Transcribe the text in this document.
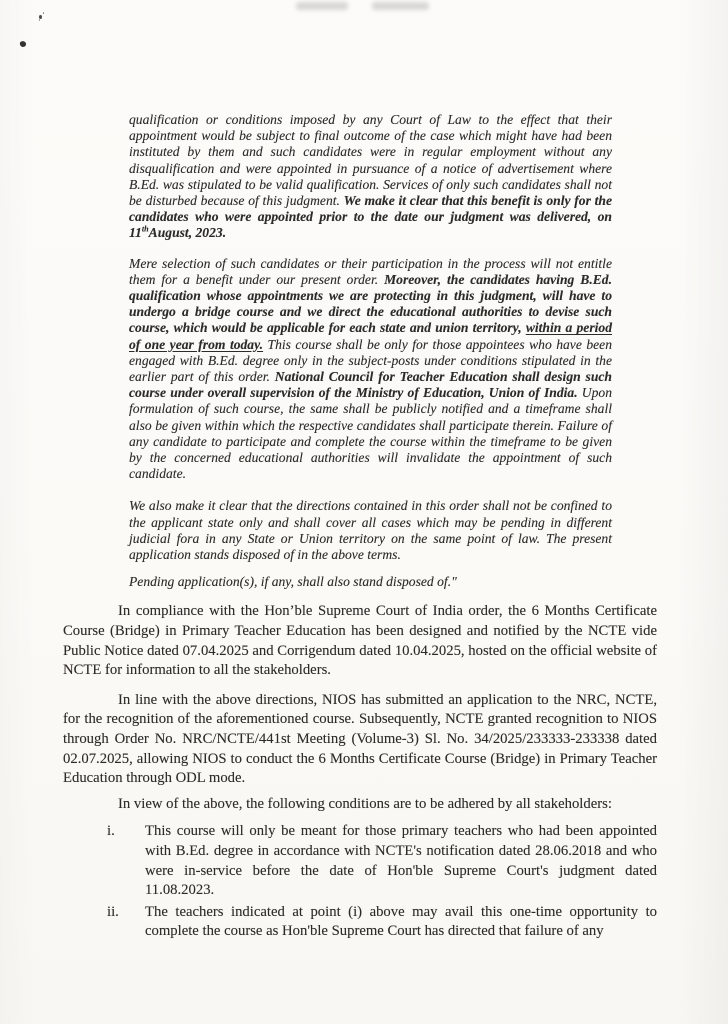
qualification or conditions imposed by any Court of Law to the effect that their appointment would be subject to final outcome of the case which might have had been instituted by them and such candidates were in regular employment without any disqualification and were appointed in pursuance of a notice of advertisement where B.Ed. was stipulated to be valid qualification. Services of only such candidates shall not be disturbed because of this judgment. We make it clear that this benefit is only for the candidates who were appointed prior to the date our judgment was delivered, on 11thAugust, 2023.

Mere selection of such candidates or their participation in the process will not entitle them for a benefit under our present order. Moreover, the candidates having B.Ed. qualification whose appointments we are protecting in this judgment, will have to undergo a bridge course and we direct the educational authorities to devise such course, which would be applicable for each state and union territory, within a period of one year from today. This course shall be only for those appointees who have been engaged with B.Ed. degree only in the subject-posts under conditions stipulated in the earlier part of this order. National Council for Teacher Education shall design such course under overall supervision of the Ministry of Education, Union of India. Upon formulation of such course, the same shall be publicly notified and a timeframe shall also be given within which the respective candidates shall participate therein. Failure of any candidate to participate and complete the course within the timeframe to be given by the concerned educational authorities will invalidate the appointment of such candidate.

We also make it clear that the directions contained in this order shall not be confined to the applicant state only and shall cover all cases which may be pending in different judicial fora in any State or Union territory on the same point of law. The present application stands disposed of in the above terms.

Pending application(s), if any, shall also stand disposed of."

In compliance with the Hon’ble Supreme Court of India order, the 6 Months Certificate Course (Bridge) in Primary Teacher Education has been designed and notified by the NCTE vide Public Notice dated 07.04.2025 and Corrigendum dated 10.04.2025, hosted on the official website of NCTE for information to all the stakeholders.

In line with the above directions, NIOS has submitted an application to the NRC, NCTE, for the recognition of the aforementioned course. Subsequently, NCTE granted recognition to NIOS through Order No. NRC/NCTE/441st Meeting (Volume-3) Sl. No. 34/2025/233333-233338 dated 02.07.2025, allowing NIOS to conduct the 6 Months Certificate Course (Bridge) in Primary Teacher Education through ODL mode.

In view of the above, the following conditions are to be adhered by all stakeholders:

i.	This course will only be meant for those primary teachers who had been appointed with B.Ed. degree in accordance with NCTE's notification dated 28.06.2018 and who were in-service before the date of Hon'ble Supreme Court's judgment dated 11.08.2023.
ii.	The teachers indicated at point (i) above may avail this one-time opportunity to complete the course as Hon'ble Supreme Court has directed that failure of any
